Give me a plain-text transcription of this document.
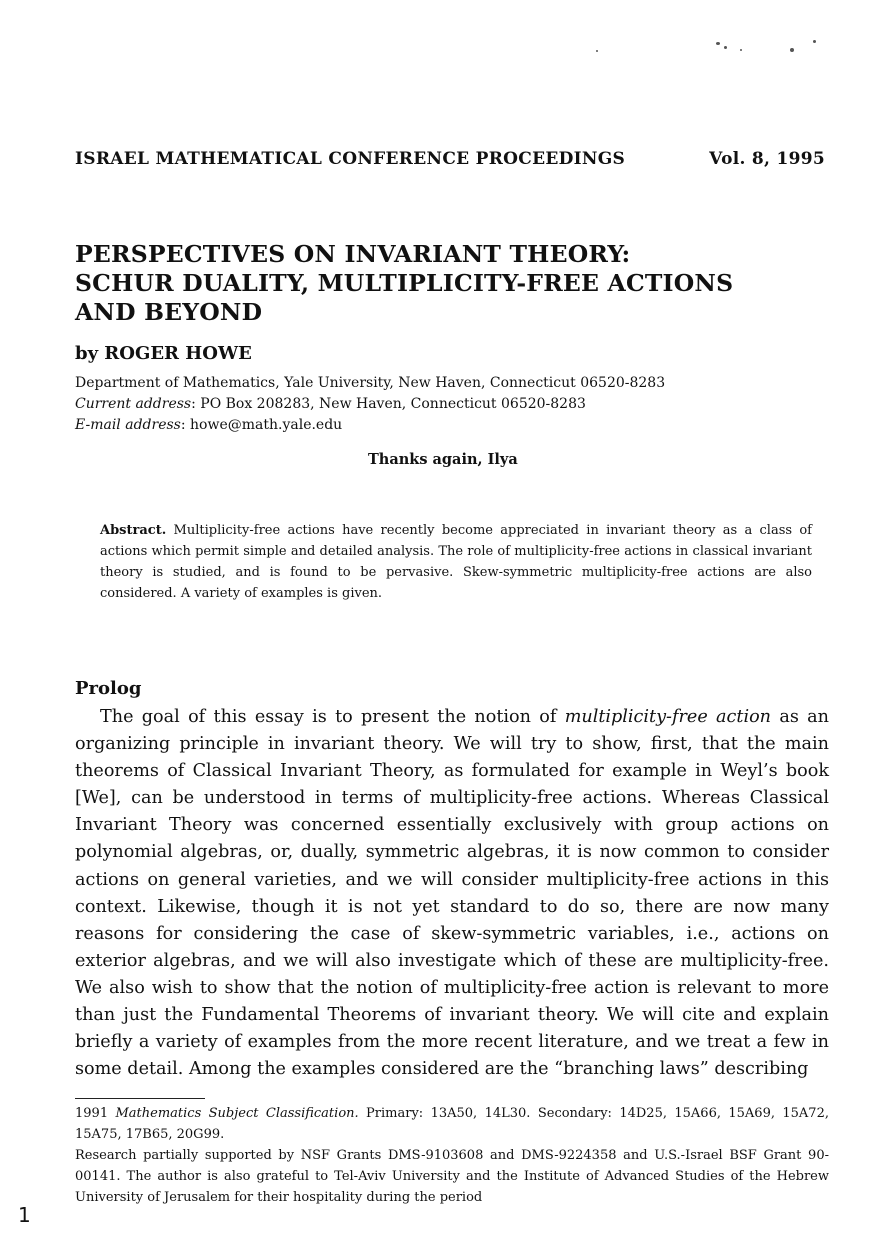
ISRAEL MATHEMATICAL CONFERENCE PROCEEDINGS	Vol. 8, 1995
PERSPECTIVES ON INVARIANT THEORY:
SCHUR DUALITY, MULTIPLICITY-FREE ACTIONS
AND BEYOND
by ROGER HOWE
Department of Mathematics, Yale University, New Haven, Connecticut 06520-8283
Current address: PO Box 208283, New Haven, Connecticut 06520-8283
E-mail address: howe@math.yale.edu
Thanks again, Ilya
Abstract. Multiplicity-free actions have recently become appreciated in invariant theory as a class of actions which permit simple and detailed analysis. The role of multiplicity-free actions in classical invariant theory is studied, and is found to be pervasive. Skew-symmetric multiplicity-free actions are also considered. A variety of examples is given.
Prolog

The goal of this essay is to present the notion of multiplicity-free action as an organizing principle in invariant theory. We will try to show, first, that the main theorems of Classical Invariant Theory, as formulated for example in Weyl’s book [We], can be understood in terms of multiplicity-free actions. Whereas Classical Invariant Theory was concerned essentially exclusively with group actions on polynomial algebras, or, dually, symmetric algebras, it is now common to consider actions on general varieties, and we will consider multiplicity-free actions in this context. Likewise, though it is not yet standard to do so, there are now many reasons for considering the case of skew-symmetric variables, i.e., actions on exterior algebras, and we will also investigate which of these are multiplicity-free. We also wish to show that the notion of multiplicity-free action is relevant to more than just the Fundamental Theorems of invariant theory. We will cite and explain briefly a variety of examples from the more recent literature, and we treat a few in some detail. Among the examples considered are the “branching laws” describing

1991 Mathematics Subject Classification. Primary: 13A50, 14L30. Secondary: 14D25, 15A66, 15A69, 15A72, 15A75, 17B65, 20G99.

Research partially supported by NSF Grants DMS-9103608 and DMS-9224358 and U.S.-Israel BSF Grant 90-00141. The author is also grateful to Tel-Aviv University and the Institute of Advanced Studies of the Hebrew University of Jerusalem for their hospitality during the period

1
